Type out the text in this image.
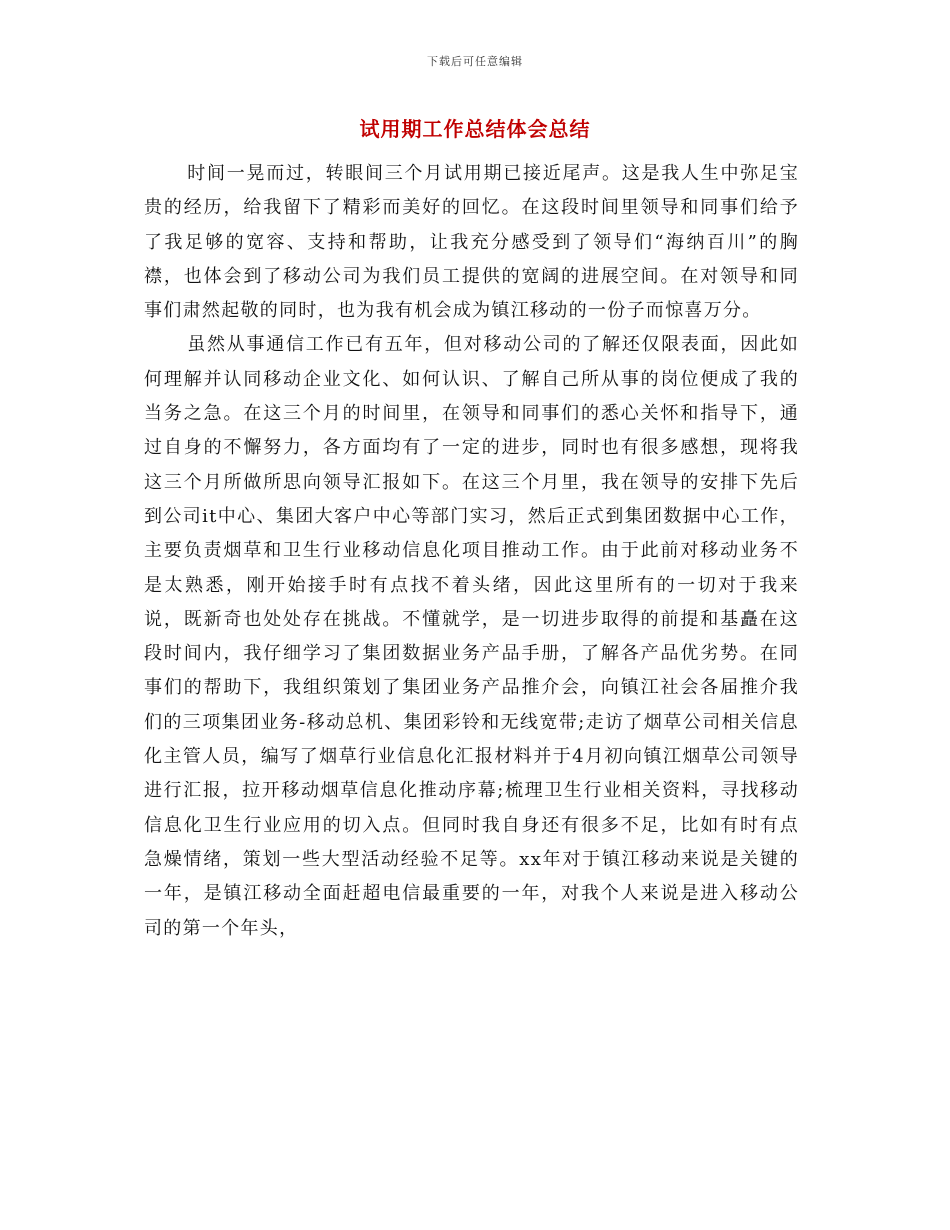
下载后可任意编辑
试用期工作总结体会总结

时间一晃而过，转眼间三个月试用期已接近尾声。这是我人生中弥足宝贵的经历，给我留下了精彩而美好的回忆。在这段时间里领导和同事们给予了我足够的宽容、支持和帮助，让我充分感受到了领导们“海纳百川”的胸襟，也体会到了移动公司为我们员工提供的宽阔的进展空间。在对领导和同事们肃然起敬的同时，也为我有机会成为镇江移动的一份子而惊喜万分。

虽然从事通信工作已有五年，但对移动公司的了解还仅限表面，因此如何理解并认同移动企业文化、如何认识、了解自己所从事的岗位便成了我的当务之急。在这三个月的时间里，在领导和同事们的悉心关怀和指导下，通过自身的不懈努力，各方面均有了一定的进步，同时也有很多感想，现将我这三个月所做所思向领导汇报如下。在这三个月里，我在领导的安排下先后到公司it中心、集团大客户中心等部门实习，然后正式到集团数据中心工作，主要负责烟草和卫生行业移动信息化项目推动工作。由于此前对移动业务不是太熟悉，刚开始接手时有点找不着头绪，因此这里所有的一切对于我来说，既新奇也处处存在挑战。不懂就学，是一切进步取得的前提和基矗在这段时间内，我仔细学习了集团数据业务产品手册，了解各产品优劣势。在同事们的帮助下，我组织策划了集团业务产品推介会，向镇江社会各届推介我们的三项集团业务-移动总机、集团彩铃和无线宽带;走访了烟草公司相关信息化主管人员，编写了烟草行业信息化汇报材料并于4月初向镇江烟草公司领导进行汇报，拉开移动烟草信息化推动序幕;梳理卫生行业相关资料，寻找移动信息化卫生行业应用的切入点。但同时我自身还有很多不足，比如有时有点急燥情绪，策划一些大型活动经验不足等。xx年对于镇江移动来说是关键的一年，是镇江移动全面赶超电信最重要的一年，对我个人来说是进入移动公司的第一个年头，
